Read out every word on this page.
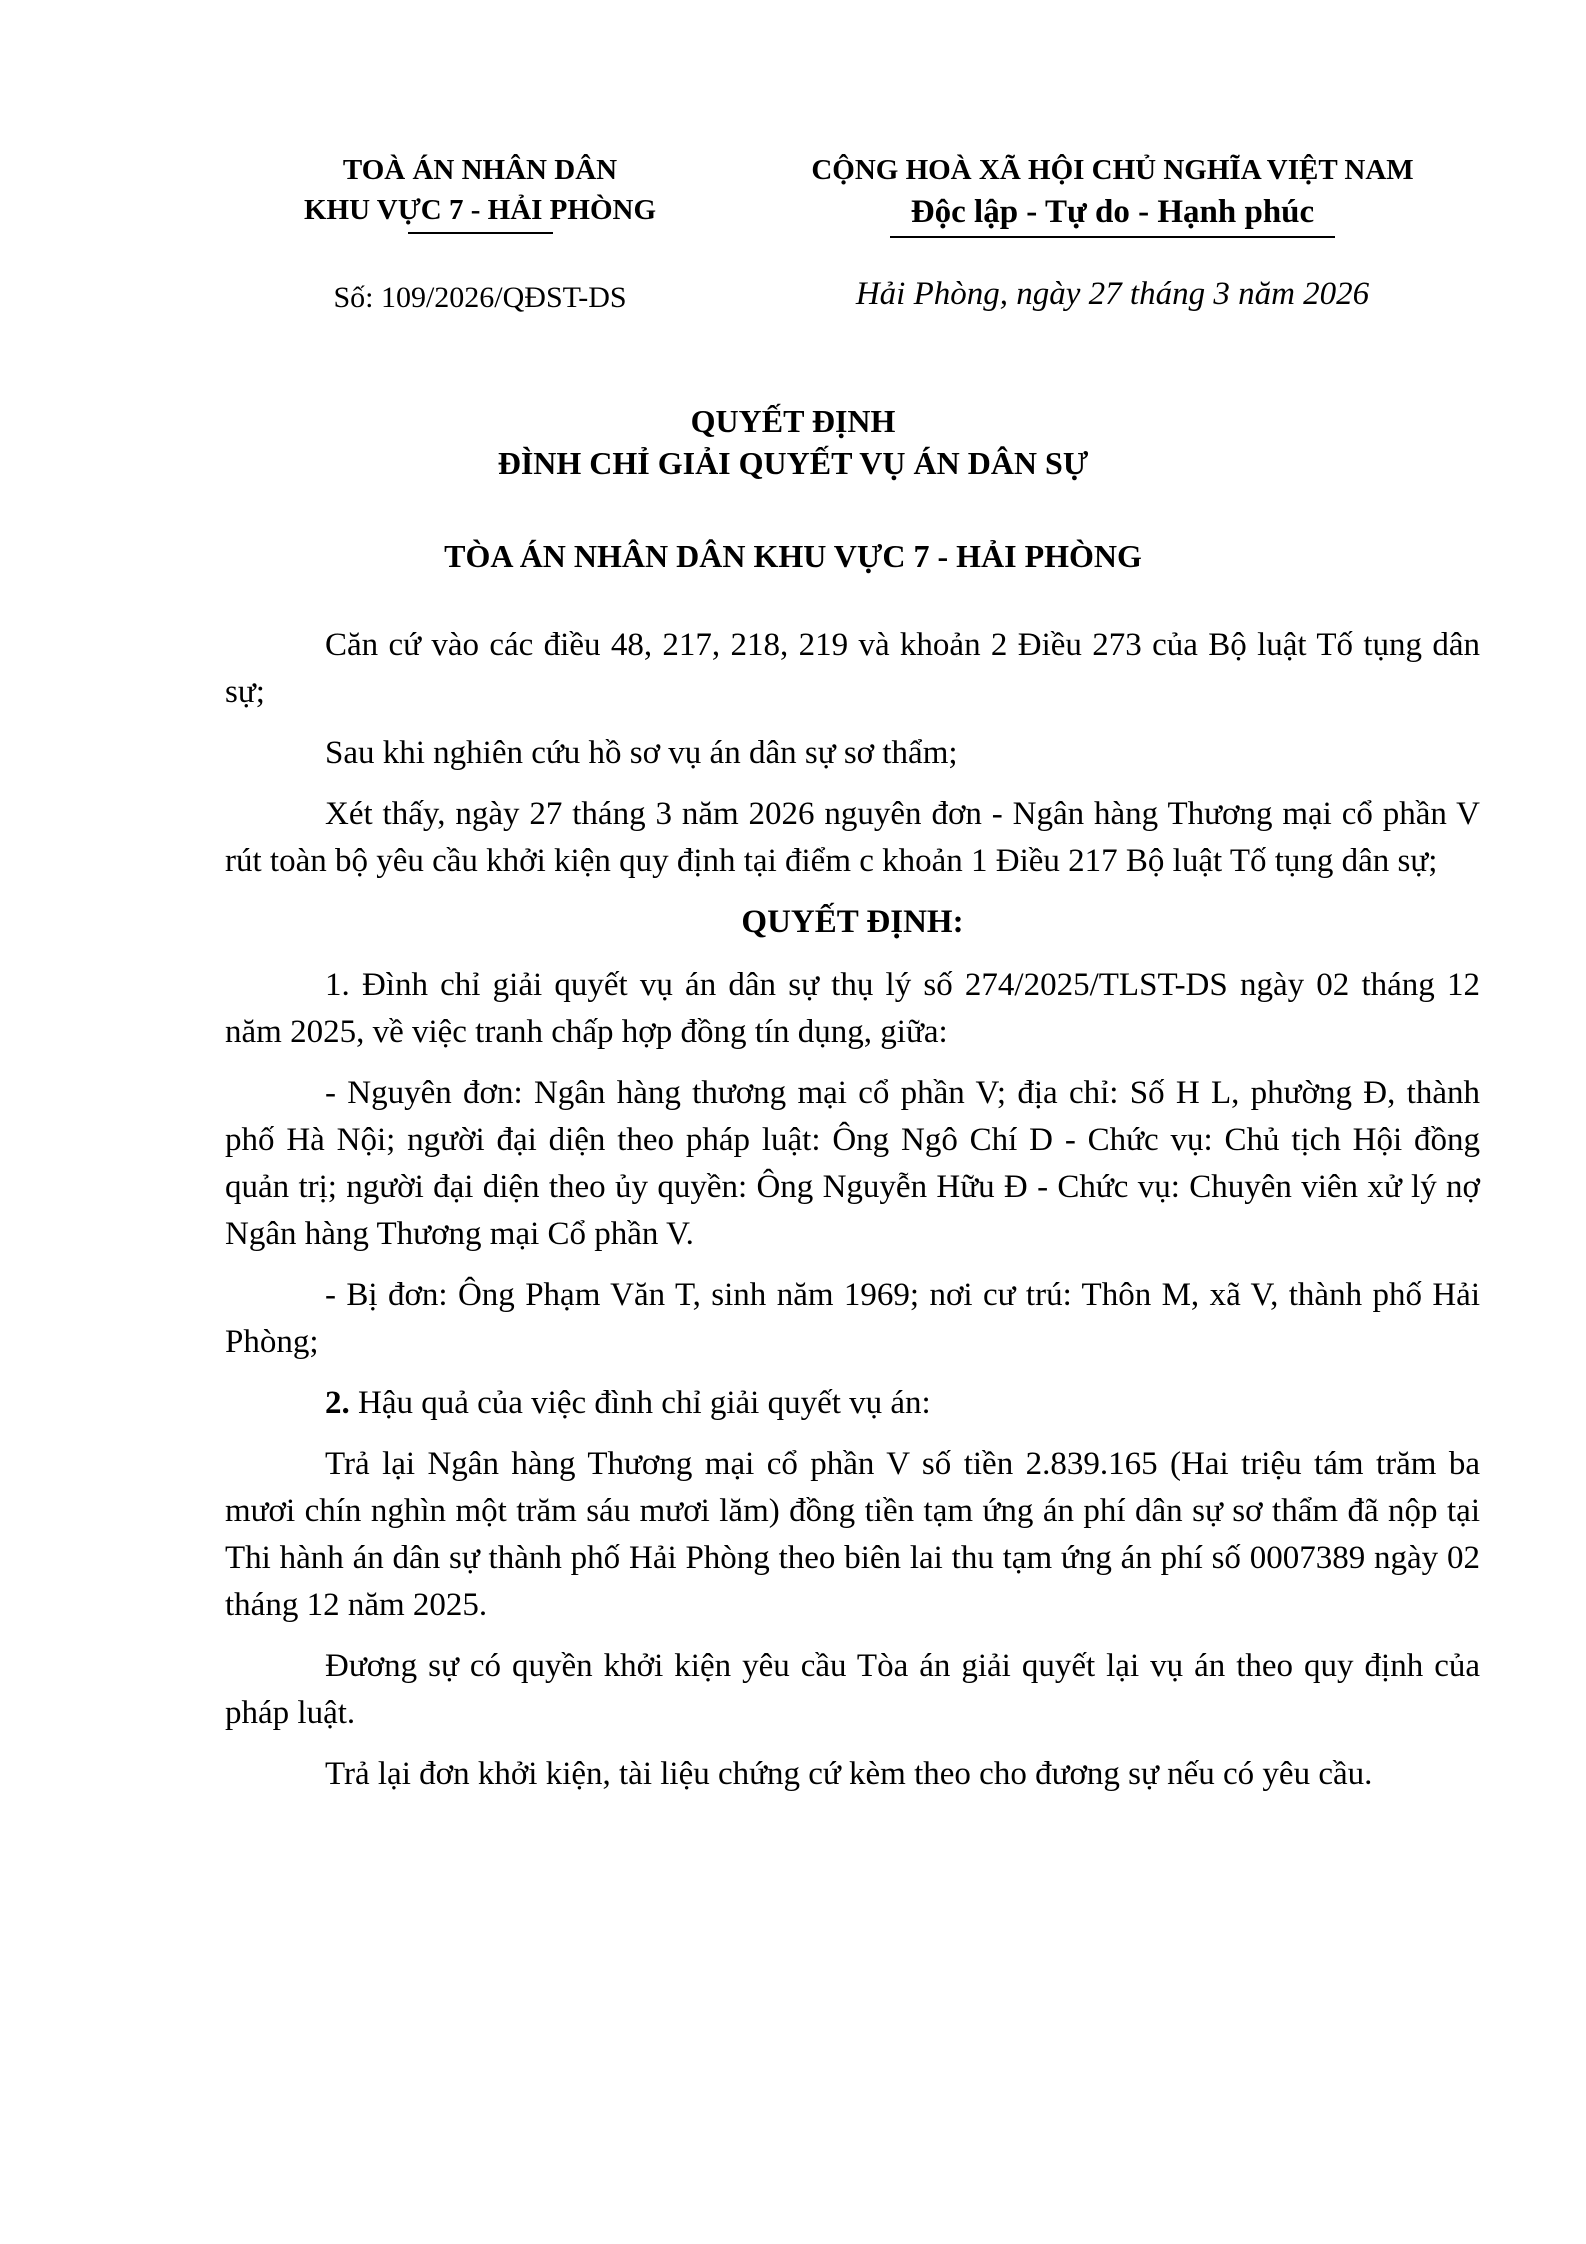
TOÀ ÁN NHÂN DÂN
KHU VỰC 7 - HẢI PHÒNG
CỘNG HOÀ XÃ HỘI CHỦ NGHĨA VIỆT NAM
Độc lập - Tự do - Hạnh phúc
Số: 109/2026/QĐST-DS	Hải Phòng, ngày 27 tháng 3 năm 2026
QUYẾT ĐỊNH
ĐÌNH CHỈ GIẢI QUYẾT VỤ ÁN DÂN SỰ
TÒA ÁN NHÂN DÂN KHU VỰC 7 - HẢI PHÒNG

Căn cứ vào các điều 48, 217, 218, 219 và khoản 2 Điều 273 của Bộ luật Tố tụng dân sự;

Sau khi nghiên cứu hồ sơ vụ án dân sự sơ thẩm;

Xét thấy, ngày 27 tháng 3 năm 2026 nguyên đơn - Ngân hàng Thương mại cổ phần V rút toàn bộ yêu cầu khởi kiện quy định tại điểm c khoản 1 Điều 217 Bộ luật Tố tụng dân sự;

QUYẾT ĐỊNH:

1. Đình chỉ giải quyết vụ án dân sự thụ lý số 274/2025/TLST-DS ngày 02 tháng 12 năm 2025, về việc tranh chấp hợp đồng tín dụng, giữa:

- Nguyên đơn: Ngân hàng thương mại cổ phần V; địa chỉ: Số H L, phường Đ, thành phố Hà Nội; người đại diện theo pháp luật: Ông Ngô Chí D - Chức vụ: Chủ tịch Hội đồng quản trị; người đại diện theo ủy quyền: Ông Nguyễn Hữu Đ - Chức vụ: Chuyên viên xử lý nợ Ngân hàng Thương mại Cổ phần V.

- Bị đơn: Ông Phạm Văn T, sinh năm 1969; nơi cư trú: Thôn M, xã V, thành phố Hải Phòng;

2. Hậu quả của việc đình chỉ giải quyết vụ án:

Trả lại Ngân hàng Thương mại cổ phần V số tiền 2.839.165 (Hai triệu tám trăm ba mươi chín nghìn một trăm sáu mươi lăm) đồng tiền tạm ứng án phí dân sự sơ thẩm đã nộp tại Thi hành án dân sự thành phố Hải Phòng theo biên lai thu tạm ứng án phí số 0007389 ngày 02 tháng 12 năm 2025.

Đương sự có quyền khởi kiện yêu cầu Tòa án giải quyết lại vụ án theo quy định của pháp luật.

Trả lại đơn khởi kiện, tài liệu chứng cứ kèm theo cho đương sự nếu có yêu cầu.
